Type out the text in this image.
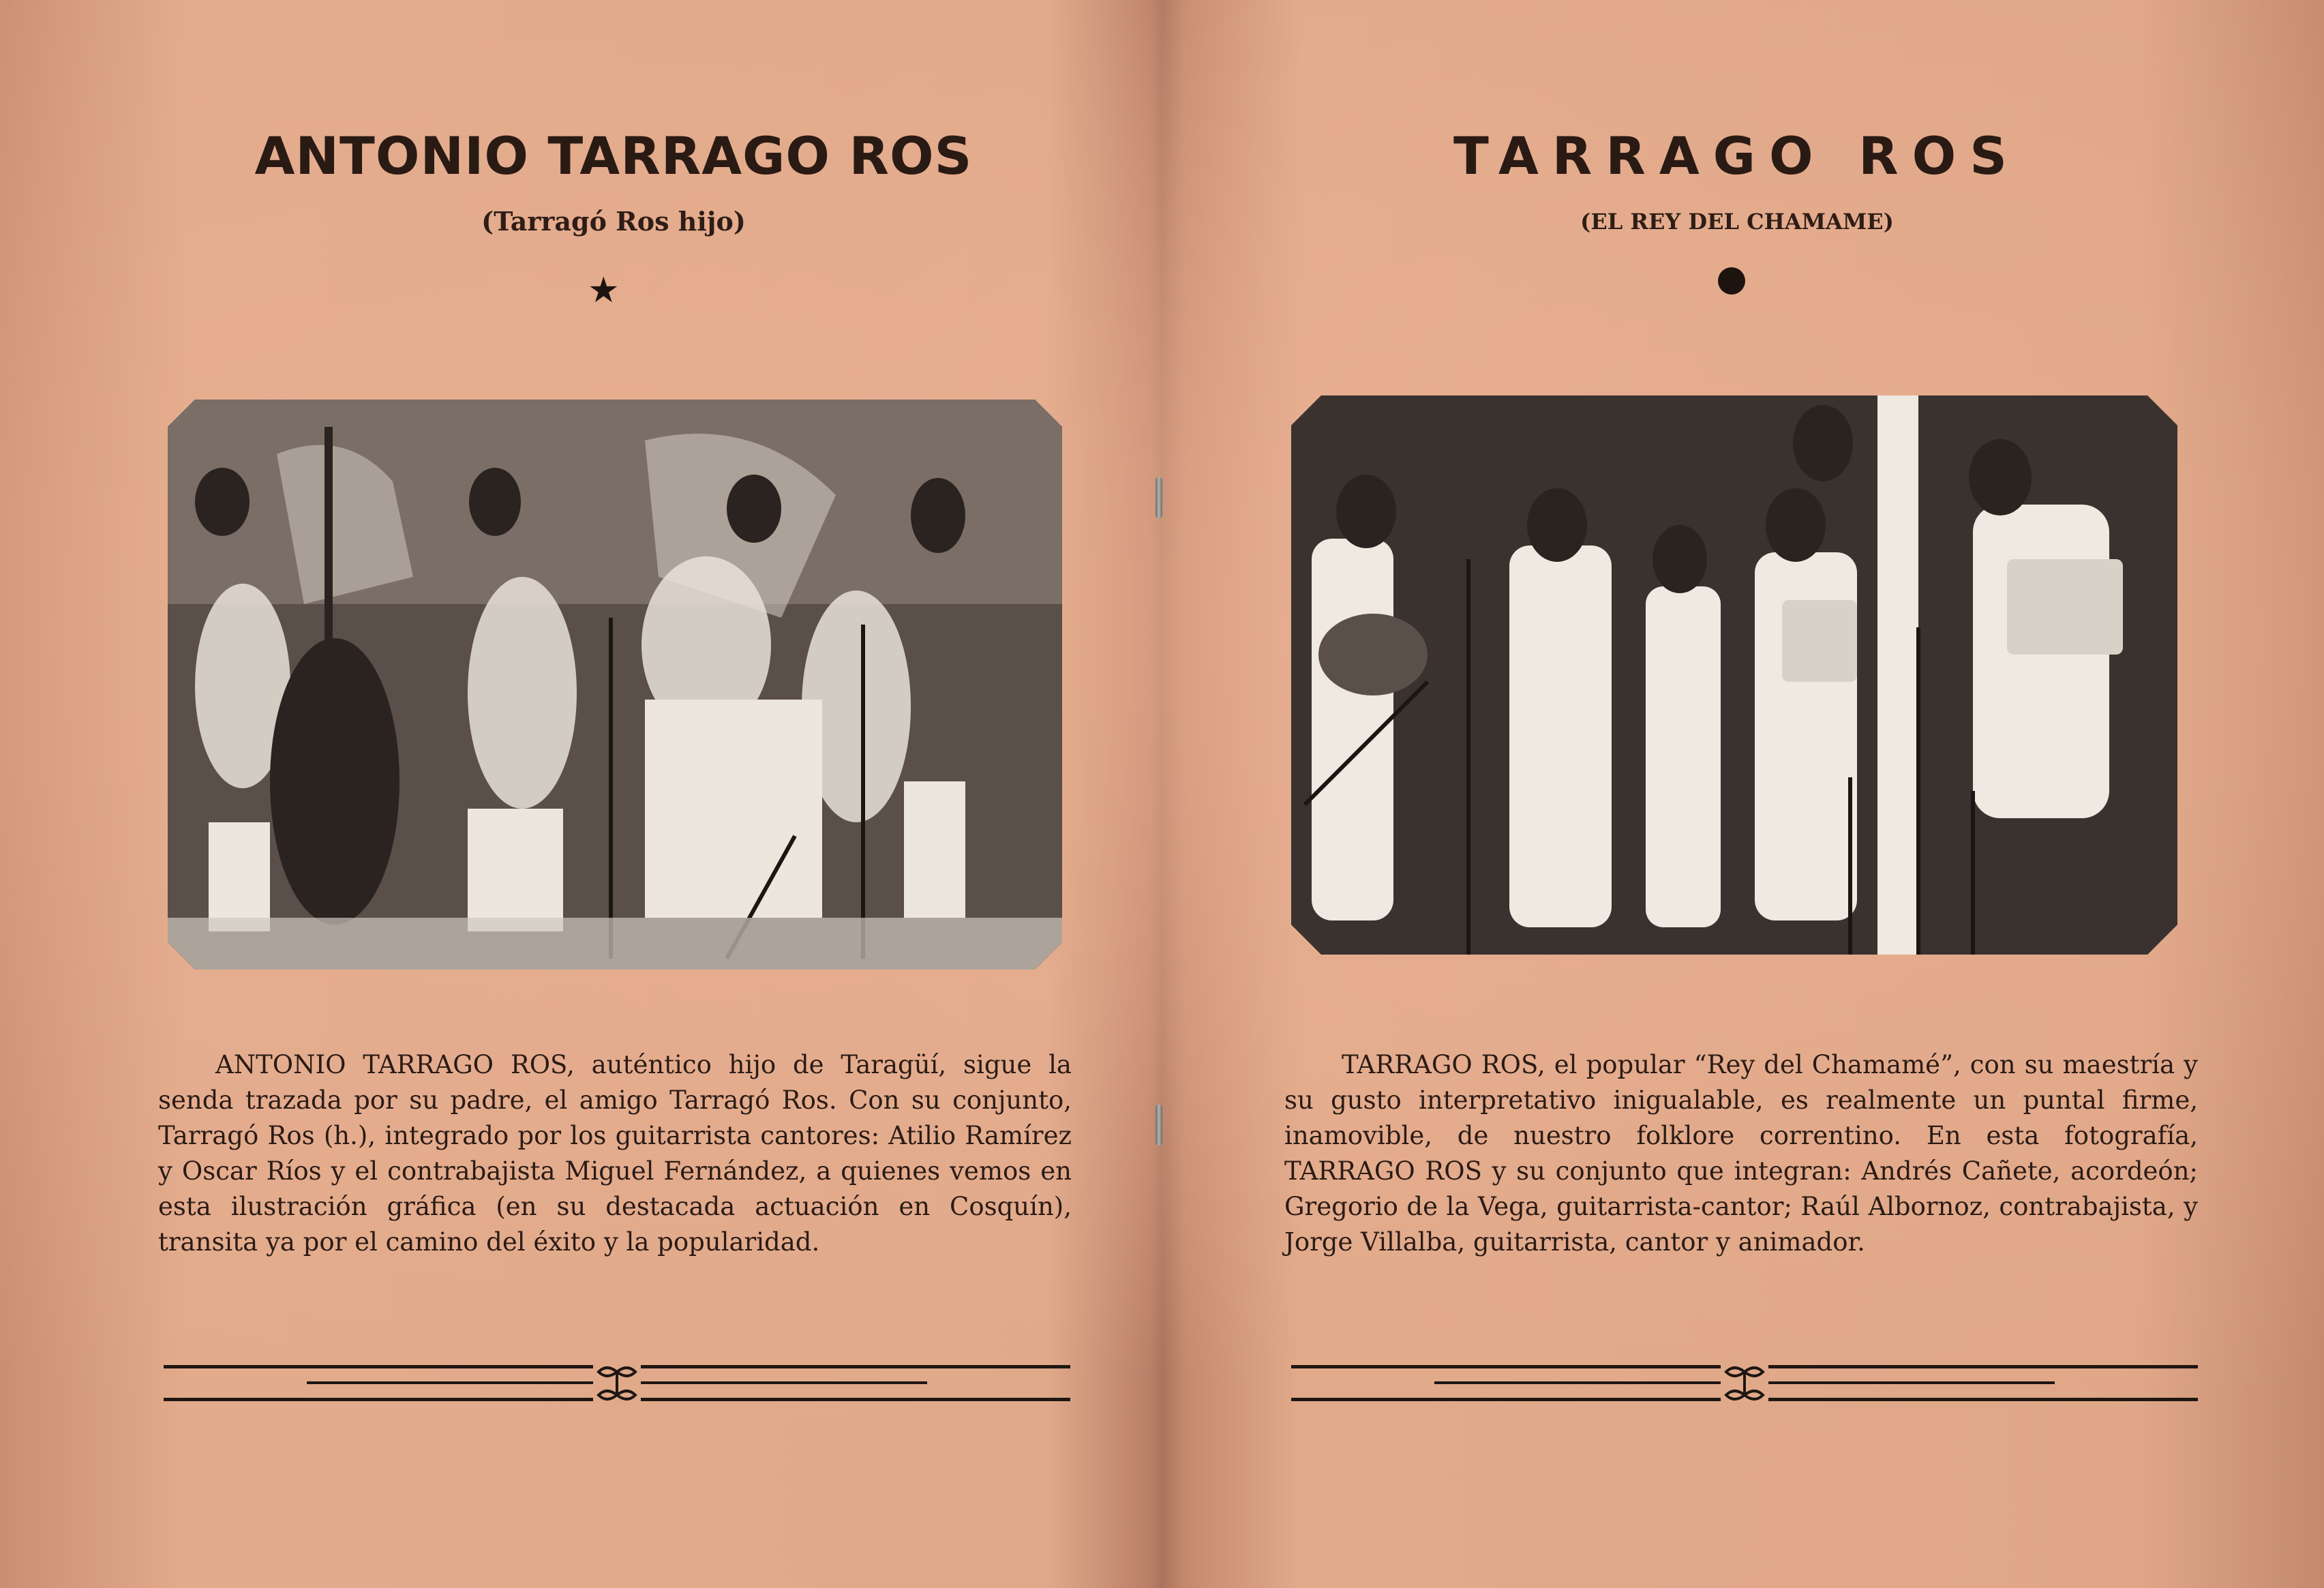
ANTONIO TARRAGO ROS
(Tarragó Ros hijo)
★

ANTONIO TARRAGO ROS, auténtico hijo de Taragüí, sigue la senda trazada por su padre, el amigo Tarragó Ros. Con su conjunto, Tarragó Ros (h.), integrado por los guitarrista cantores: Atilio Ramírez y Oscar Ríos y el contrabajista Miguel Fernández, a quienes vemos en esta ilustración gráfica (en su destacada actuación en Cosquín), transita ya por el camino del éxito y la popularidad.

TARRAGO ROS
(EL REY DEL CHAMAME)

TARRAGO ROS, el popular “Rey del Chamamé”, con su maestría y su gusto interpretativo inigualable, es realmente un puntal firme, inamovible, de nuestro folklore correntino. En esta fotografía, TARRAGO ROS y su conjunto que integran: Andrés Cañete, acordeón; Gregorio de la Vega, guitarrista-cantor; Raúl Albornoz, contrabajista, y Jorge Villalba, guitarrista, cantor y animador.
